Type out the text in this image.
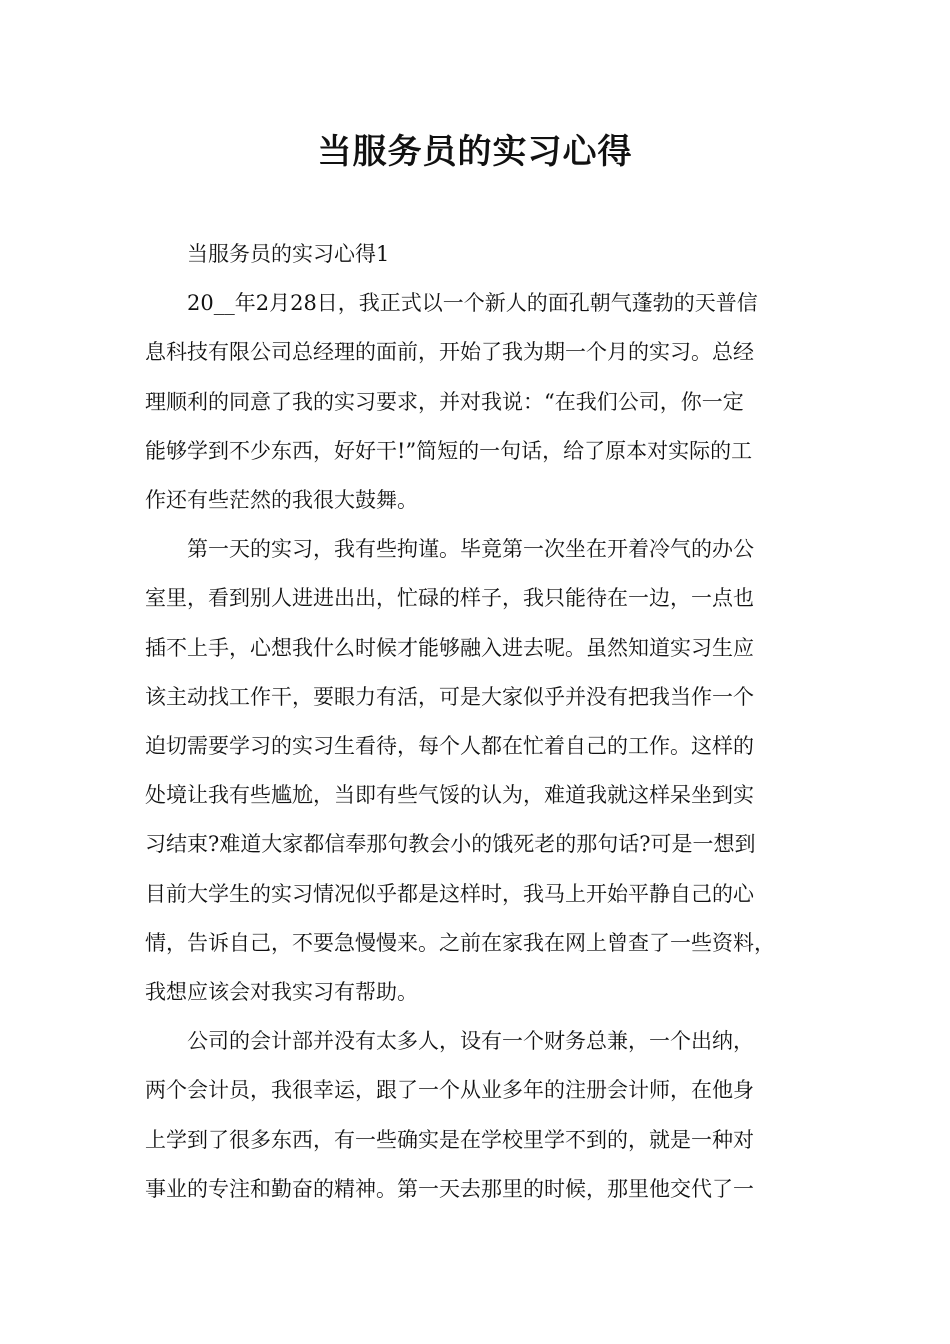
当服务员的实习心得

当服务员的实习心得1

20__年2月28日，我正式以一个新人的面孔朝气蓬勃的天普信
息科技有限公司总经理的面前，开始了我为期一个月的实习。总经
理顺利的同意了我的实习要求，并对我说：“在我们公司，你一定
能够学到不少东西，好好干!”简短的一句话，给了原本对实际的工
作还有些茫然的我很大鼓舞。

第一天的实习，我有些拘谨。毕竟第一次坐在开着冷气的办公
室里，看到别人进进出出，忙碌的样子，我只能待在一边，一点也
插不上手，心想我什么时候才能够融入进去呢。虽然知道实习生应
该主动找工作干，要眼力有活，可是大家似乎并没有把我当作一个
迫切需要学习的实习生看待，每个人都在忙着自己的工作。这样的
处境让我有些尴尬，当即有些气馁的认为，难道我就这样呆坐到实
习结束?难道大家都信奉那句教会小的饿死老的那句话?可是一想到
目前大学生的实习情况似乎都是这样时，我马上开始平静自己的心
情，告诉自己，不要急慢慢来。之前在家我在网上曾查了一些资料，
我想应该会对我实习有帮助。

公司的会计部并没有太多人，设有一个财务总兼，一个出纳，
两个会计员，我很幸运，跟了一个从业多年的注册会计师，在他身
上学到了很多东西，有一些确实是在学校里学不到的，就是一种对
事业的专注和勤奋的精神。第一天去那里的时候，那里他交代了一
